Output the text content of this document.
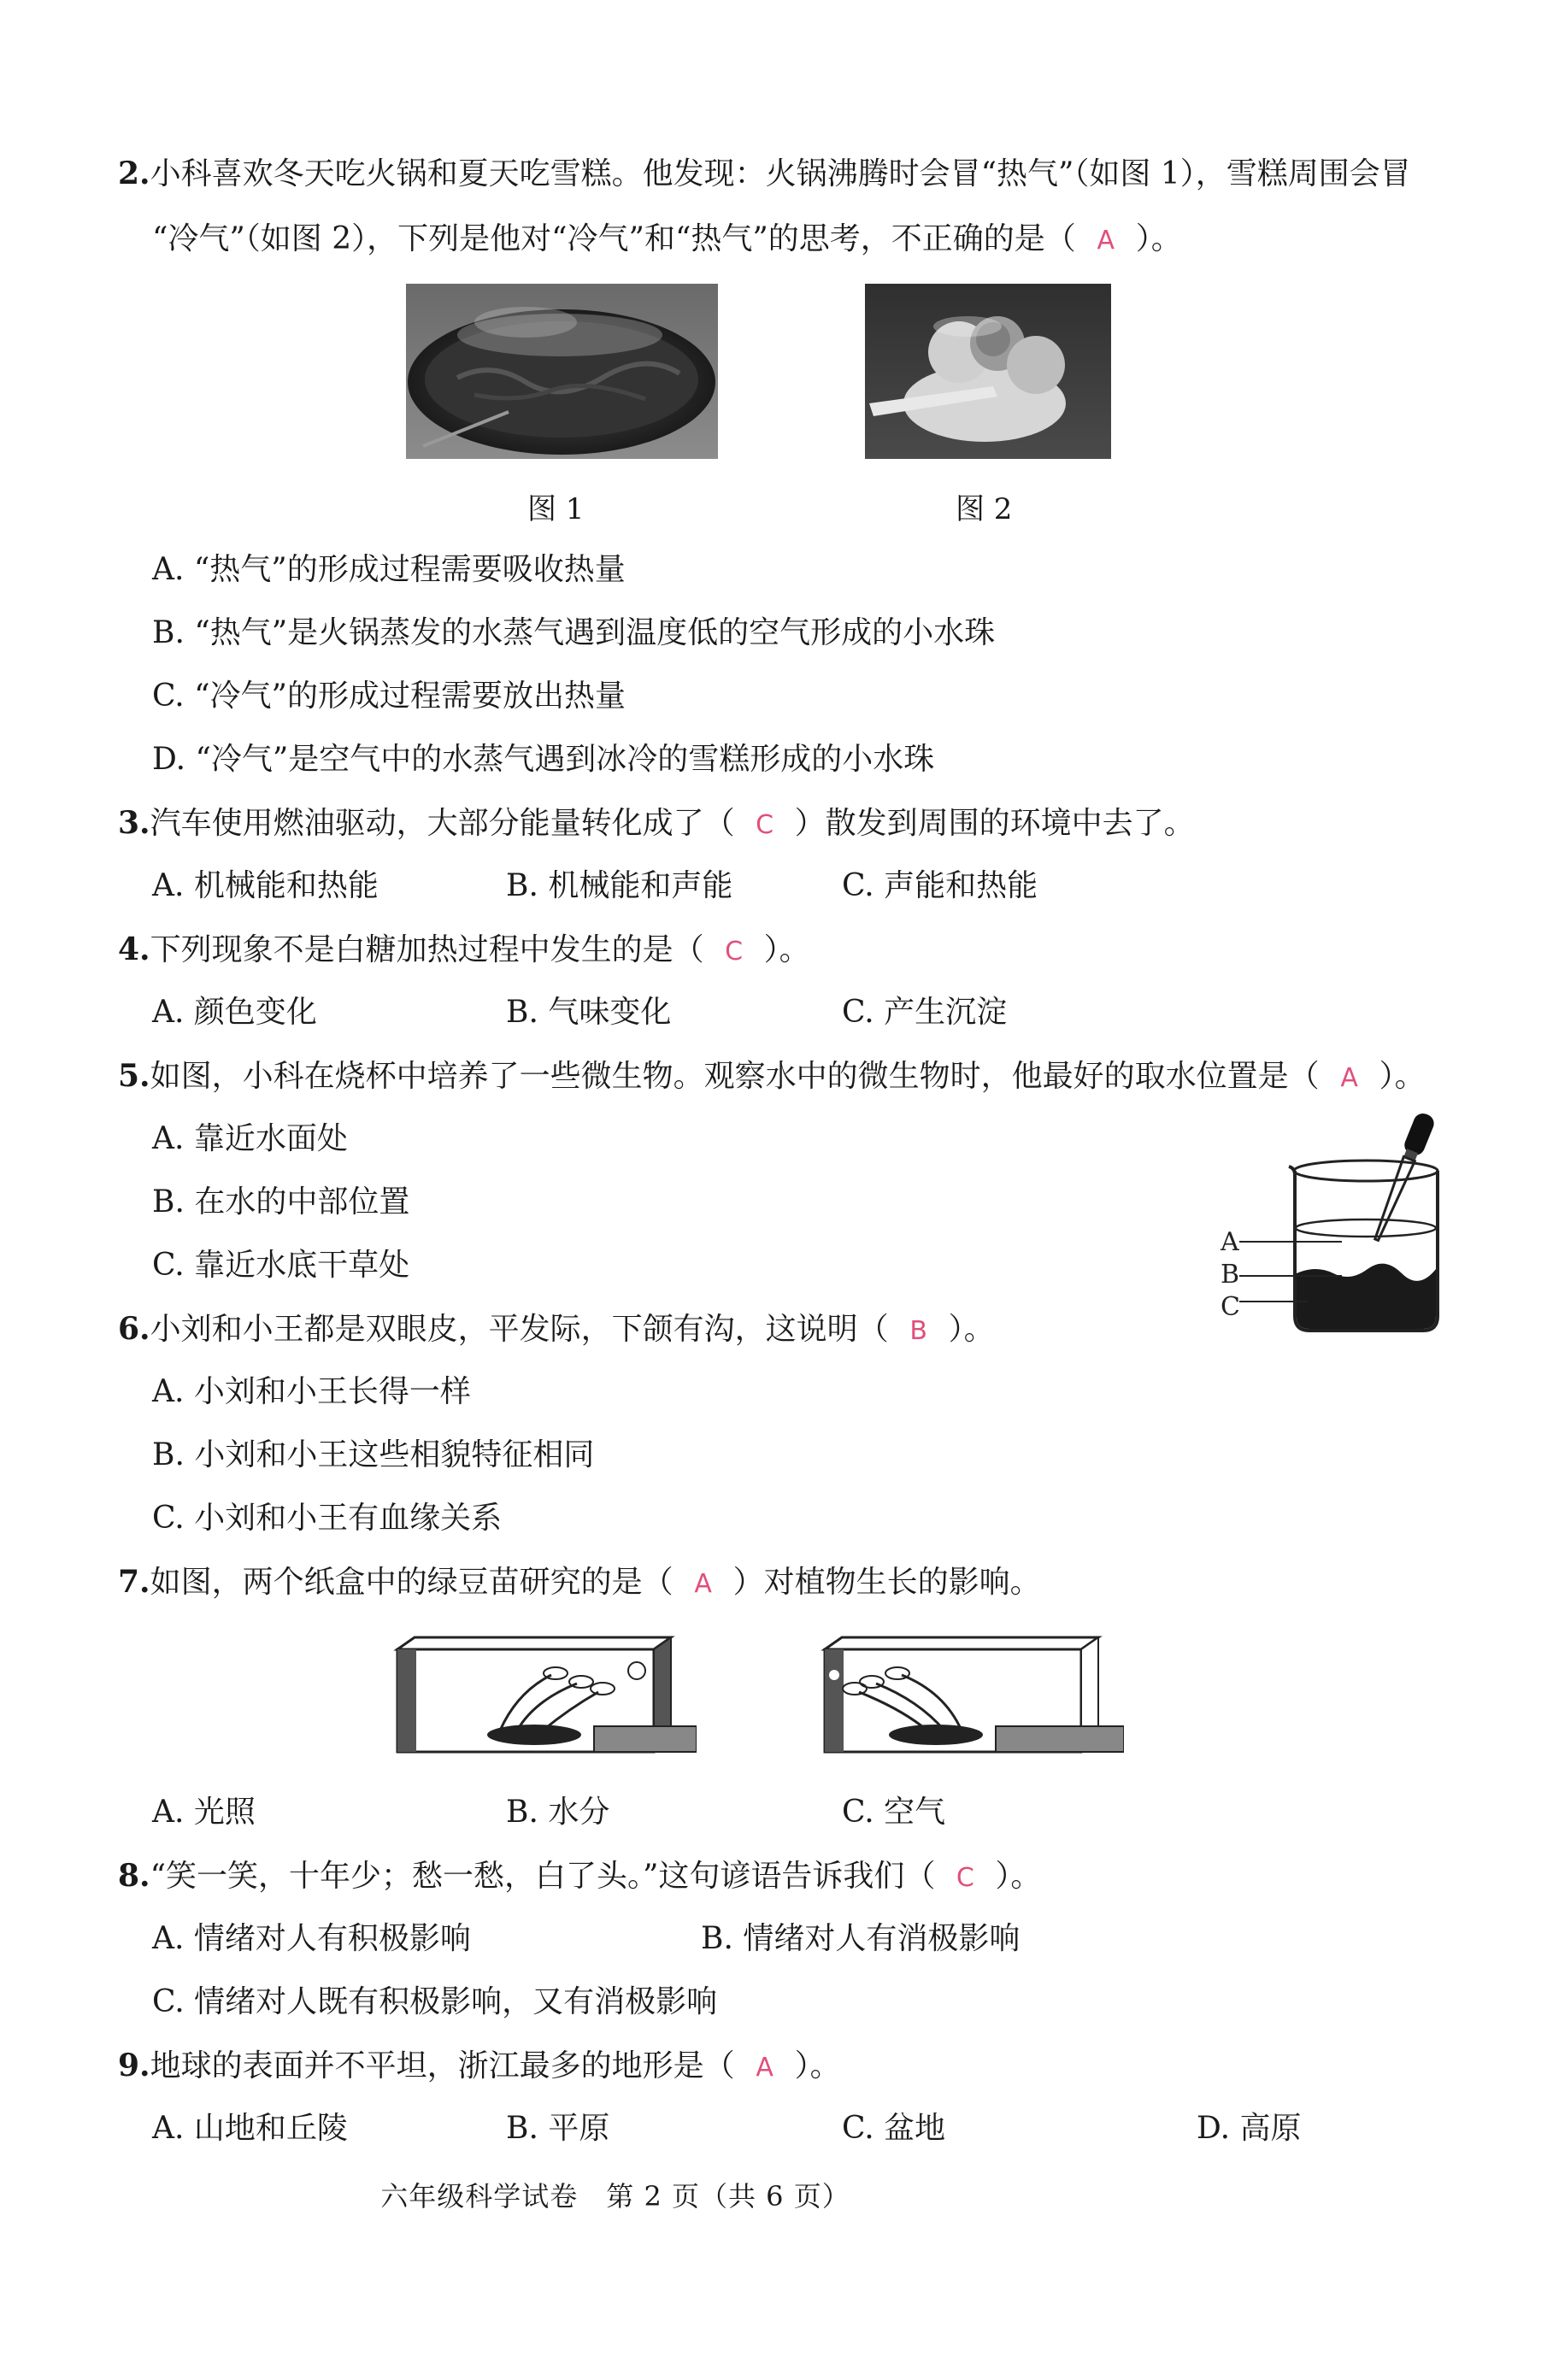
2.小科喜欢冬天吃火锅和夏天吃雪糕。他发现：火锅沸腾时会冒“热气”（如图 1），雪糕周围会冒
“冷气”（如图 2），下列是他对“冷气”和“热气”的思考，不正确的是（ A ）。
图 1	图 2
A. “热气”的形成过程需要吸收热量
B. “热气”是火锅蒸发的水蒸气遇到温度低的空气形成的小水珠
C. “冷气”的形成过程需要放出热量
D. “冷气”是空气中的水蒸气遇到冰冷的雪糕形成的小水珠
3.汽车使用燃油驱动，大部分能量转化成了（ C ）散发到周围的环境中去了。
A. 机械能和热能	B. 机械能和声能	C. 声能和热能
4.下列现象不是白糖加热过程中发生的是（ C ）。
A. 颜色变化	B. 气味变化	C. 产生沉淀
5.如图，小科在烧杯中培养了一些微生物。观察水中的微生物时，他最好的取水位置是（ A ）。
A. 靠近水面处
B. 在水的中部位置
C. 靠近水底干草处
A
B
C
6.小刘和小王都是双眼皮，平发际，下颌有沟，这说明（ B ）。
A. 小刘和小王长得一样
B. 小刘和小王这些相貌特征相同
C. 小刘和小王有血缘关系
7.如图，两个纸盒中的绿豆苗研究的是（ A ）对植物生长的影响。
A. 光照	B. 水分	C. 空气
8.“笑一笑，十年少；愁一愁，白了头。”这句谚语告诉我们（ C ）。
A. 情绪对人有积极影响	B. 情绪对人有消极影响
C. 情绪对人既有积极影响，又有消极影响
9.地球的表面并不平坦，浙江最多的地形是（ A ）。
A. 山地和丘陵	B. 平原	C. 盆地	D. 高原
六年级科学试卷　第 2 页（共 6 页）
